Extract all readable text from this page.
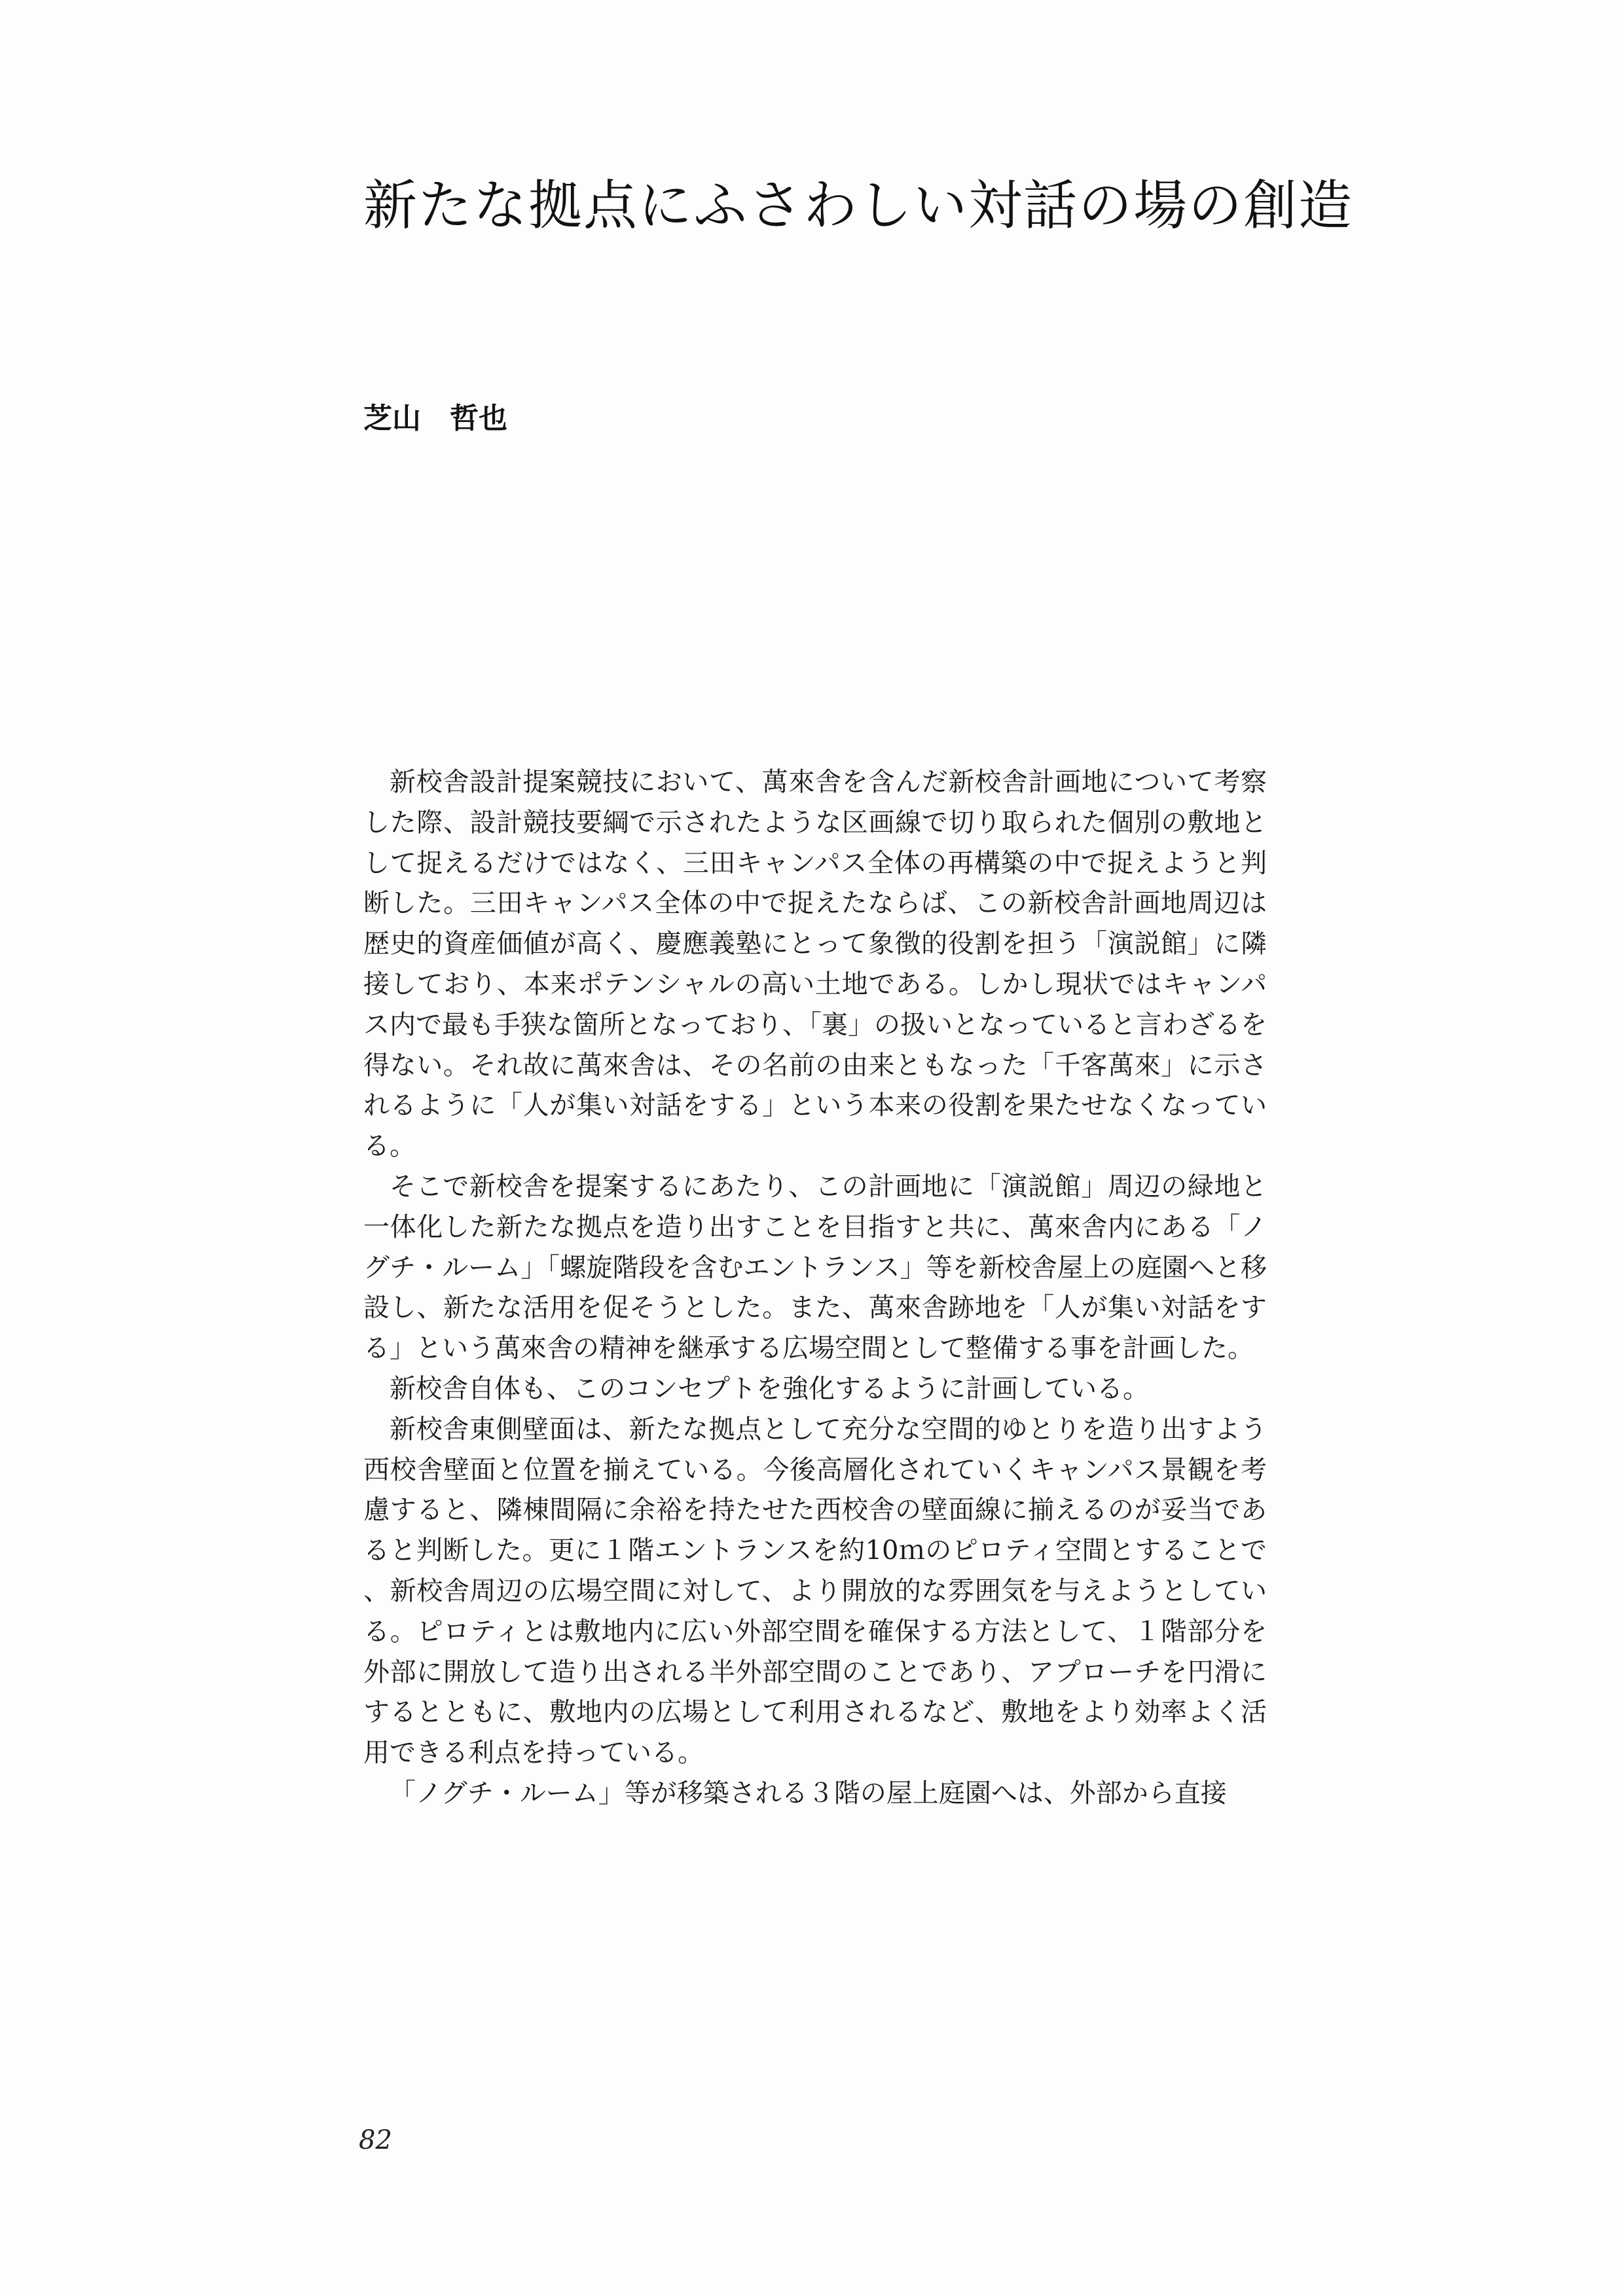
新たな拠点にふさわしい対話の場の創造
芝山　哲也

新校舎設計提案競技において、萬來舎を含んだ新校舎計画地について考察した際、設計競技要綱で示されたような区画線で切り取られた個別の敷地として捉えるだけではなく、三田キャンパス全体の再構築の中で捉えようと判断した。三田キャンパス全体の中で捉えたならば、この新校舎計画地周辺は歴史的資産価値が高く、慶應義塾にとって象徴的役割を担う「演説館」に隣接しており、本来ポテンシャルの高い土地である。しかし現状ではキャンパス内で最も手狭な箇所となっており、「裏」の扱いとなっていると言わざるを得ない。それ故に萬來舎は、その名前の由来ともなった「千客萬來」に示されるように「人が集い対話をする」という本来の役割を果たせなくなっている。

そこで新校舎を提案するにあたり、この計画地に「演説館」周辺の緑地と一体化した新たな拠点を造り出すことを目指すと共に、萬來舎内にある「ノグチ・ルーム」「螺旋階段を含むエントランス」等を新校舎屋上の庭園へと移設し、新たな活用を促そうとした。また、萬來舎跡地を「人が集い対話をする」という萬來舎の精神を継承する広場空間として整備する事を計画した。

新校舎自体も、このコンセプトを強化するように計画している。

新校舎東側壁面は、新たな拠点として充分な空間的ゆとりを造り出すよう西校舎壁面と位置を揃えている。今後高層化されていくキャンパス景観を考慮すると、隣棟間隔に余裕を持たせた西校舎の壁面線に揃えるのが妥当であると判断した。更に１階エントランスを約10ｍのピロティ空間とすることで、新校舎周辺の広場空間に対して、より開放的な雰囲気を与えようとしている。ピロティとは敷地内に広い外部空間を確保する方法として、１階部分を外部に開放して造り出される半外部空間のことであり、アプローチを円滑にするとともに、敷地内の広場として利用されるなど、敷地をより効率よく活用できる利点を持っている。

「ノグチ・ルーム」等が移築される３階の屋上庭園へは、外部から直接

82
